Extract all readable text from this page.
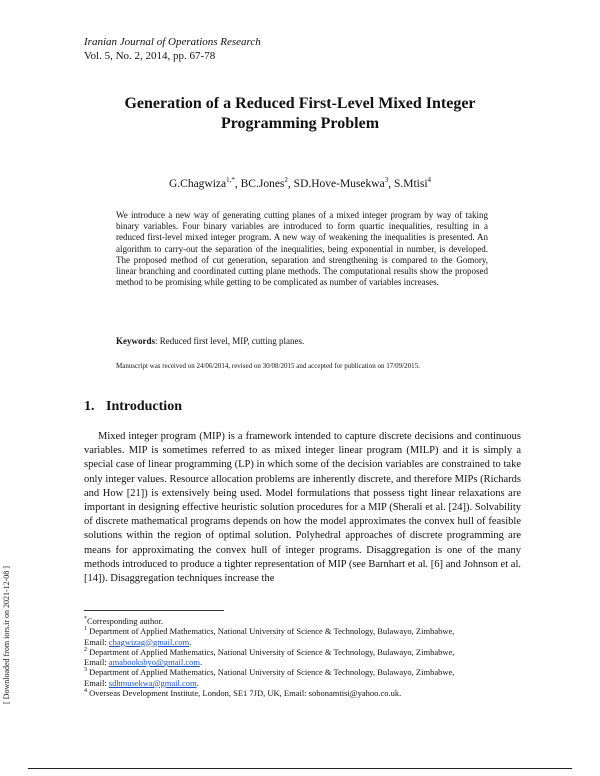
Iranian Journal of Operations Research
Vol. 5, No. 2, 2014, pp. 67-78
Generation of a Reduced First-Level Mixed Integer
Programming Problem
G.Chagwiza$^{1,*}$, BC.Jones$^2$, SD.Hove-Musekwa$^3$, S.Mtisi$^4$
We introduce a new way of generating cutting planes of a mixed integer program by way of taking binary variables. Four binary variables are introduced to form quartic inequalities, resulting in a reduced first-level mixed integer program. A new way of weakening the inequalities is presented. An algorithm to carry-out the separation of the inequalities, being exponential in number, is developed. The proposed method of cut generation, separation and strengthening is compared to the Gomory, linear branching and coordinated cutting plane methods. The computational results show the proposed method to be promising while getting to be complicated as number of variables increases.
Keywords: Reduced first level, MIP, cutting planes.
Manuscript was received on 24/06/2014, revised on 30/08/2015 and accepted for publication on 17/09/2015.
1. Introduction
Mixed integer program (MIP) is a framework intended to capture discrete decisions and continuous variables. MIP is sometimes referred to as mixed integer linear program (MILP) and it is simply a special case of linear programming (LP) in which some of the decision variables are constrained to take only integer values. Resource allocation problems are inherently discrete, and therefore MIPs (Richards and How [21]) is extensively being used. Model formulations that possess tight linear relaxations are important in designing effective heuristic solution procedures for a MIP (Sherali et al. [24]). Solvability of discrete mathematical programs depends on how the model approximates the convex hull of feasible solutions within the region of optimal solution. Polyhedral approaches of discrete programming are means for approximating the convex hull of integer programs. Disaggregation is one of the many methods introduced to produce a tighter representation of MIP (see Barnhart et al. [6] and Johnson et al. [14]). Disaggregation techniques increase the

*Corresponding author.

$^1$ Department of Applied Mathematics, National University of Science & Technology, Bulawayo, Zimbabwe,
Email: chagwizag@gmail.com.

$^2$ Department of Applied Mathematics, National University of Science & Technology, Bulawayo, Zimbabwe,
Email: amabooksbyo@gmail.com.

$^3$ Department of Applied Mathematics, National University of Science & Technology, Bulawayo, Zimbabwe,
Email: sdhmusekwa@gmail.com.

$^4$ Overseas Development Institute, London, SE1 7JD, UK, Email: sobonamtisi@yahoo.co.uk.

[ Downloaded from iors.ir on 2021-12-08 ]
